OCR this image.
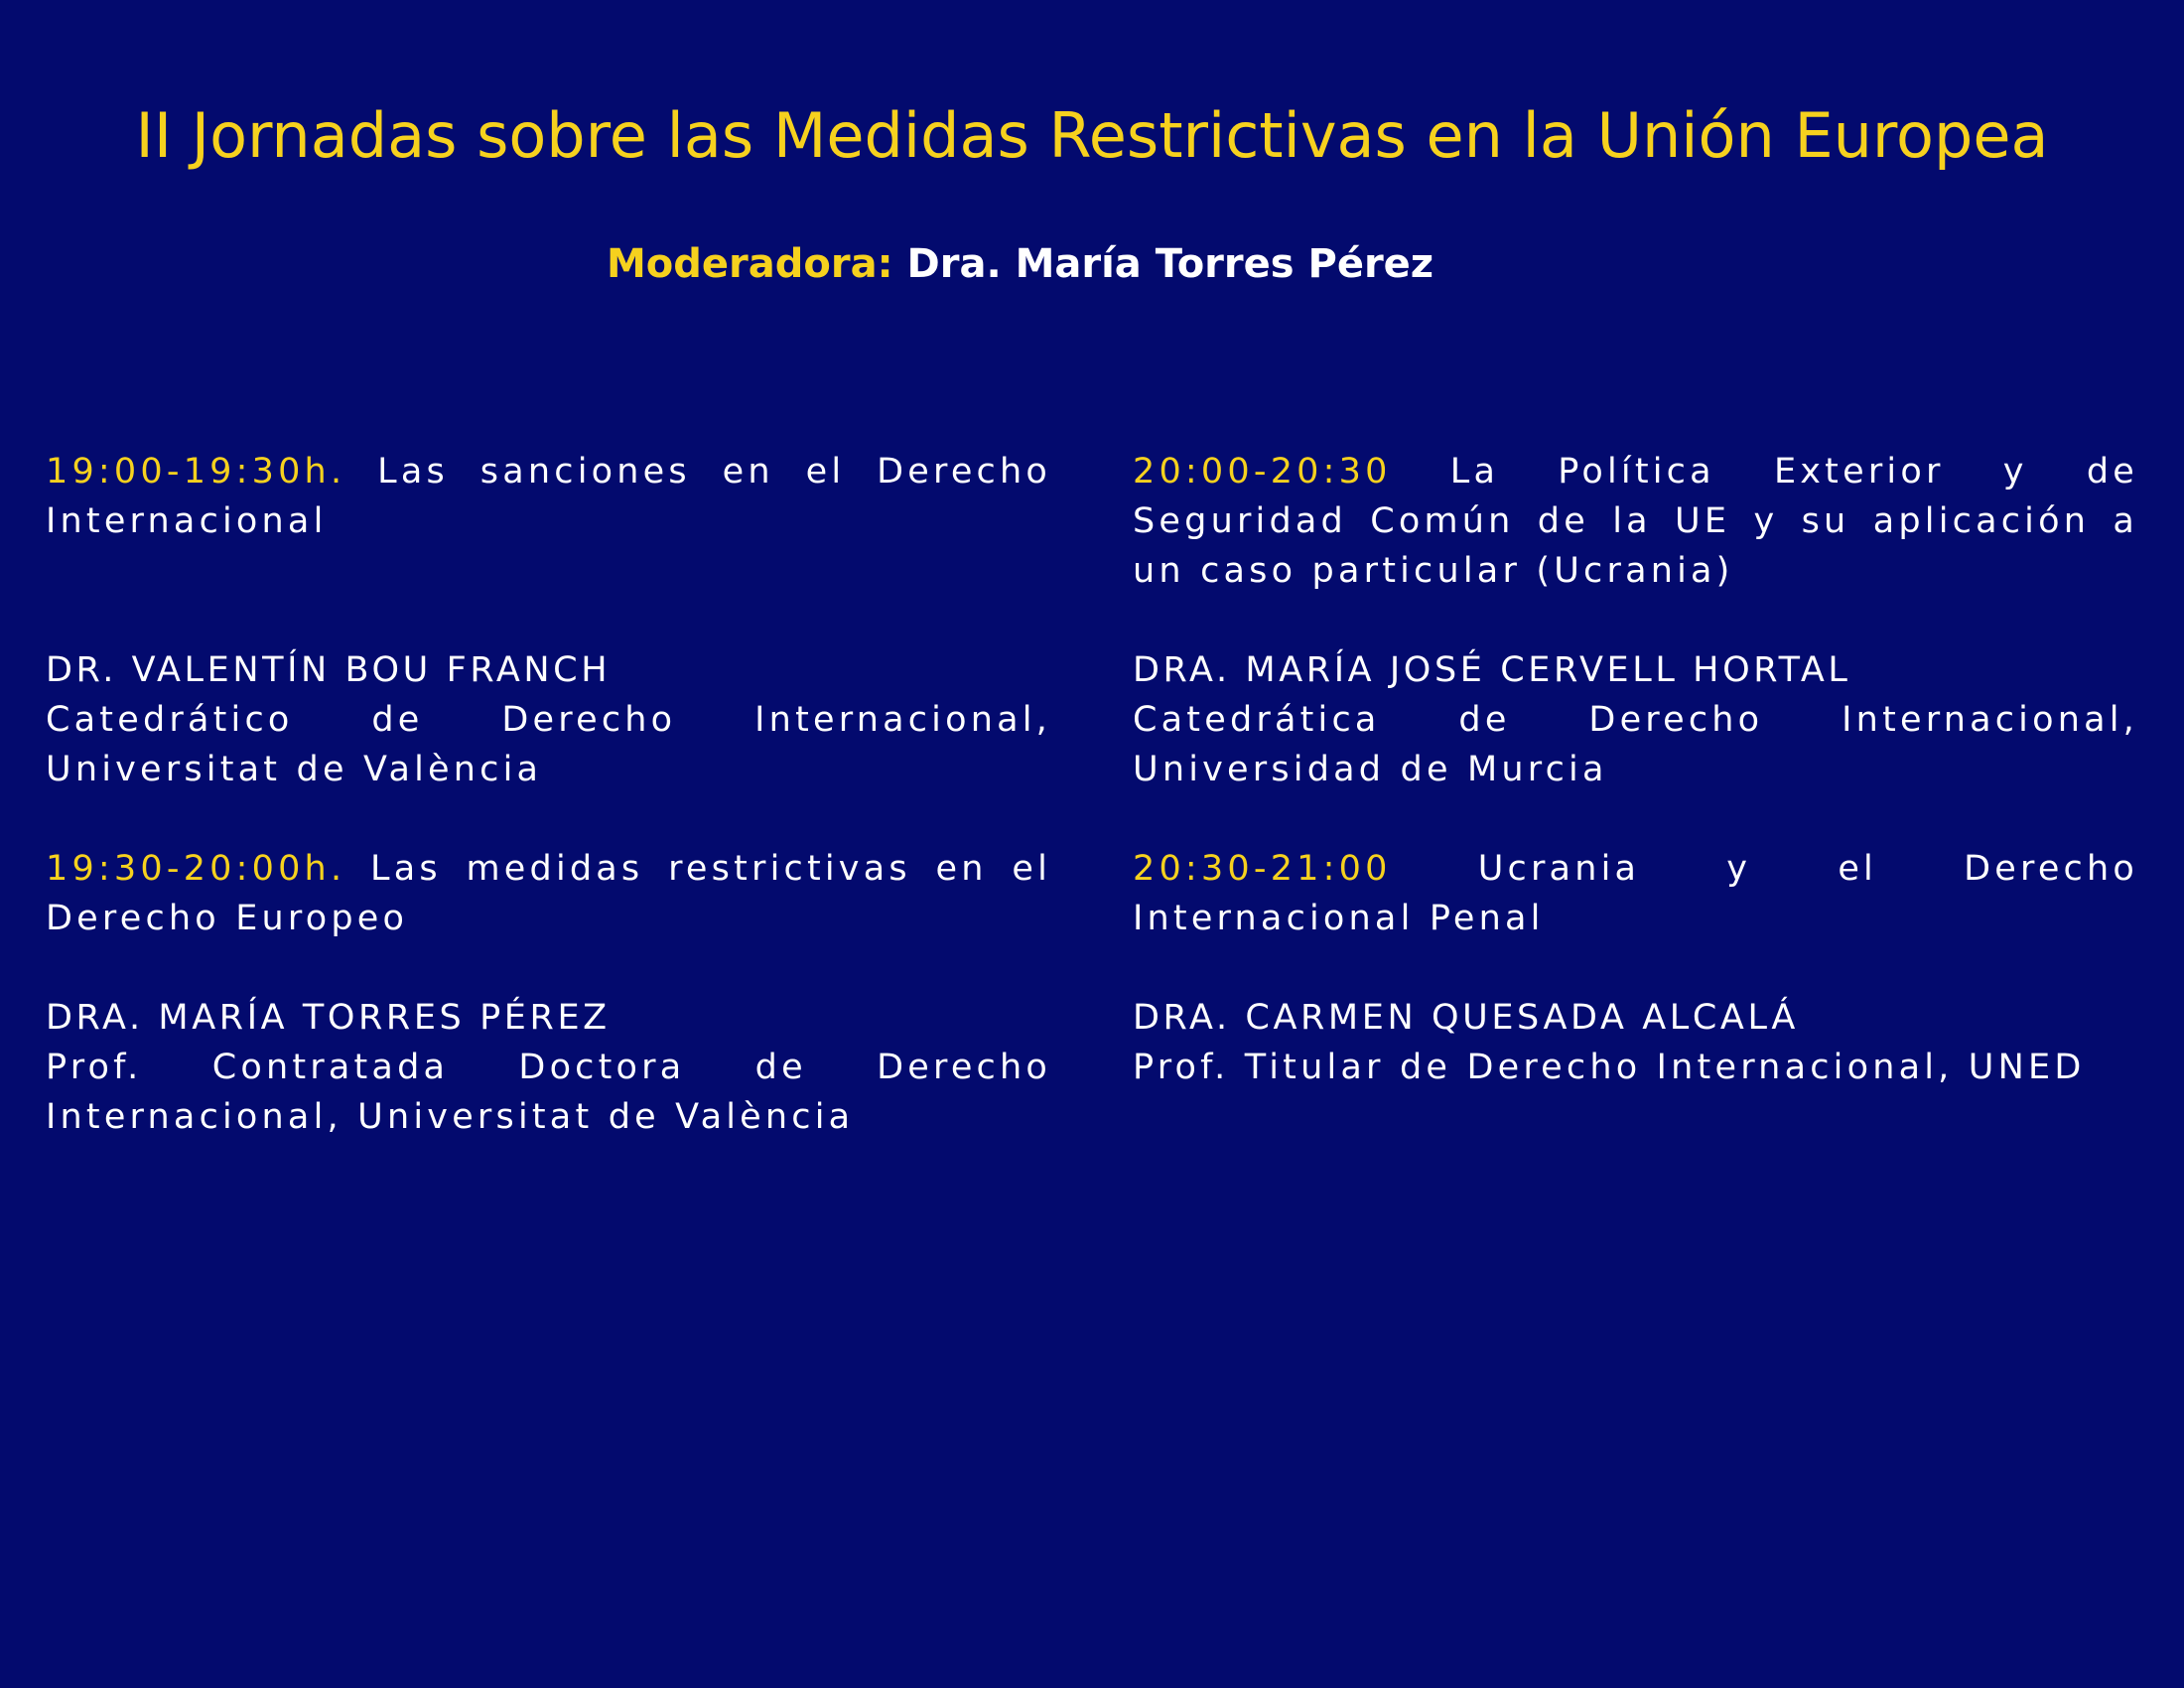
II Jornadas sobre las Medidas Restrictivas en la Unión Europea
Moderadora: Dra. María Torres Pérez

19:00-19:30h. Las sanciones en el Derecho Internacional

DR. VALENTÍN BOU FRANCH
Catedrático de Derecho Internacional, Universitat de València

19:30-20:00h. Las medidas restrictivas en el Derecho Europeo

DRA. MARÍA TORRES PÉREZ
Prof. Contratada Doctora de Derecho Internacional, Universitat de València

20:00-20:30 La Política Exterior y de Seguridad Común de la UE y su aplicación a un caso particular (Ucrania)

DRA. MARÍA JOSÉ CERVELL HORTAL
Catedrática de Derecho Internacional, Universidad de Murcia

20:30-21:00 Ucrania y el Derecho Internacional Penal

DRA. CARMEN QUESADA ALCALÁ
Prof. Titular de Derecho Internacional, UNED
